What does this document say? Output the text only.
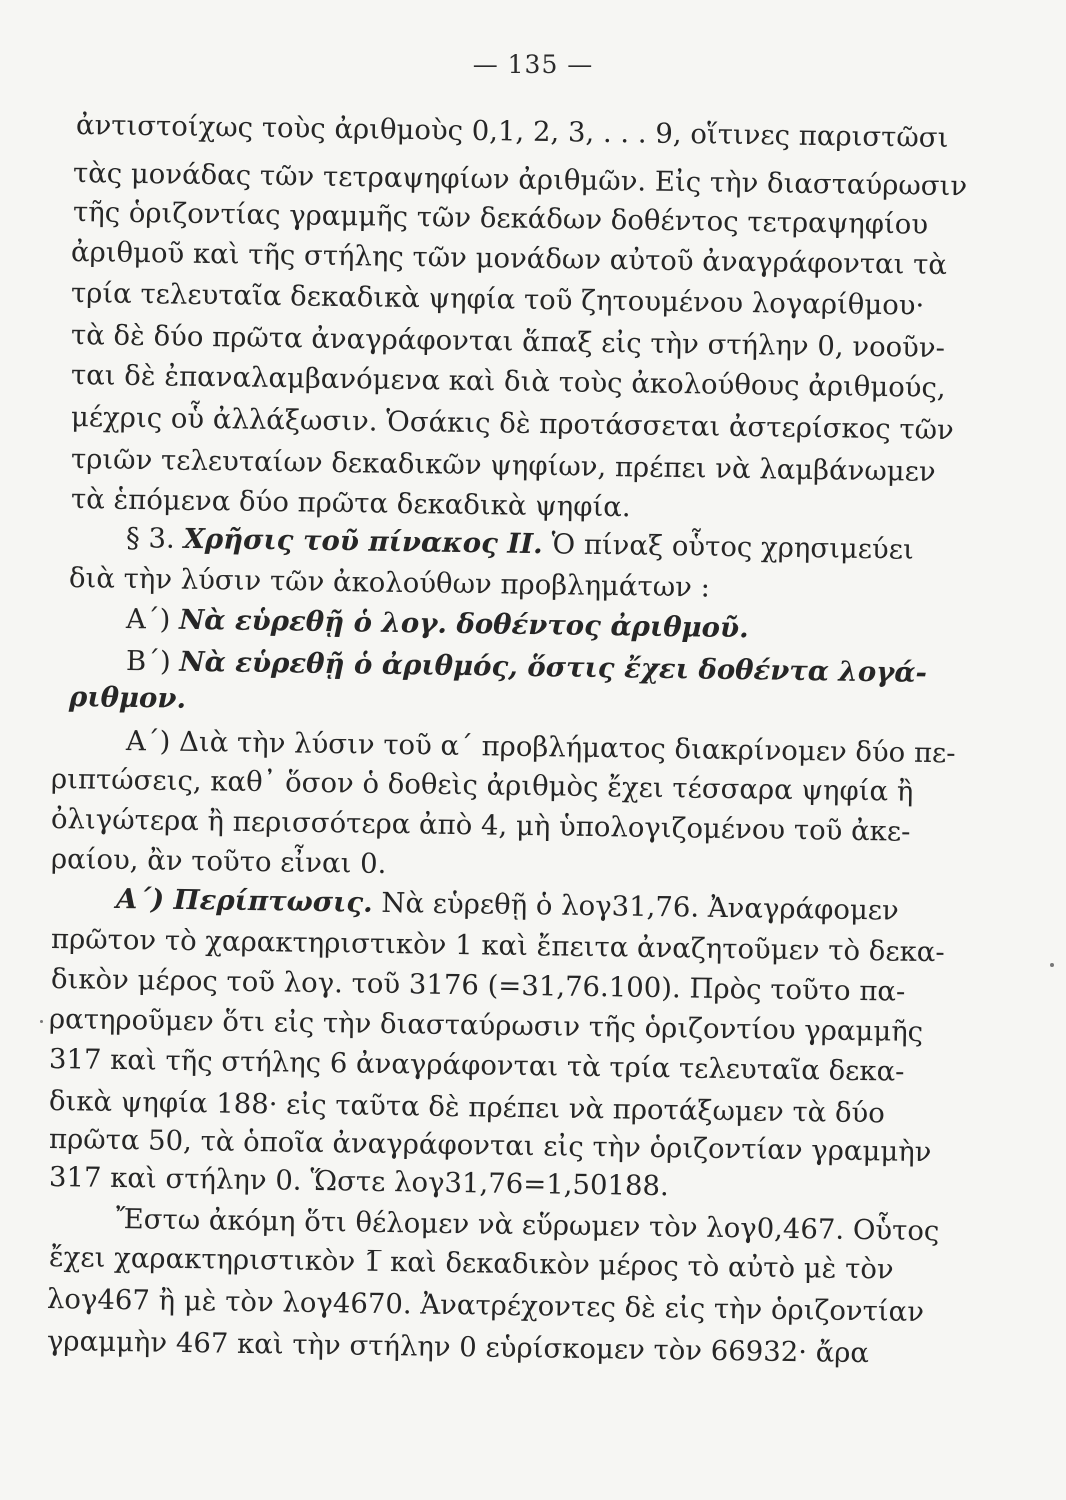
— 135 —
ἀντιστοίχως τοὺς ἀριθμοὺς 0,1, 2, 3, . . . 9, οἵτινες παριστῶσι
τὰς μονάδας τῶν τετραψηφίων ἀριθμῶν. Εἰς τὴν διασταύρωσιν
τῆς ὁριζοντίας γραμμῆς τῶν δεκάδων δοθέντος τετραψηφίου
ἀριθμοῦ καὶ τῆς στήλης τῶν μονάδων αὐτοῦ ἀναγράφονται τὰ
τρία τελευταῖα δεκαδικὰ ψηφία τοῦ ζητουμένου λογαρίθμου·
τὰ δὲ δύο πρῶτα ἀναγράφονται ἅπαξ εἰς τὴν στήλην 0, νοοῦν-
ται δὲ ἐπαναλαμβανόμενα καὶ διὰ τοὺς ἀκολούθους ἀριθμούς,
μέχρις οὗ ἀλλάξωσιν. Ὁσάκις δὲ προτάσσεται ἀστερίσκος τῶν
τριῶν τελευταίων δεκαδικῶν ψηφίων, πρέπει νὰ λαμβάνωμεν
τὰ ἑπόμενα δύο πρῶτα δεκαδικὰ ψηφία.
§ 3. Χρῆσις τοῦ πίνακος ΙΙ. Ὁ πίναξ οὗτος χρησιμεύει
διὰ τὴν λύσιν τῶν ἀκολούθων προβλημάτων :
Α΄) Νὰ εὑρεθῇ ὁ λογ. δοθέντος ἀριθμοῦ.
Β΄) Νὰ εὑρεθῇ ὁ ἀριθμός, ὅστις ἔχει δοθέντα λογά-
ριθμον.
Α΄) Διὰ τὴν λύσιν τοῦ α΄ προβλήματος διακρίνομεν δύο πε-
ριπτώσεις, καθ᾿ ὅσον ὁ δοθεὶς ἀριθμὸς ἔχει τέσσαρα ψηφία ἢ
ὀλιγώτερα ἢ περισσότερα ἀπὸ 4, μὴ ὑπολογιζομένου τοῦ ἀκε-
ραίου, ἂν τοῦτο εἶναι 0.
Α΄) Περίπτωσις. Νὰ εὑρεθῇ ὁ λογ31,76. Ἀναγράφομεν
πρῶτον τὸ χαρακτηριστικὸν 1 καὶ ἔπειτα ἀναζητοῦμεν τὸ δεκα-
δικὸν μέρος τοῦ λογ. τοῦ 3176 (=31,76.100). Πρὸς τοῦτο πα-
ρατηροῦμεν ὅτι εἰς τὴν διασταύρωσιν τῆς ὁριζοντίου γραμμῆς
317 καὶ τῆς στήλης 6 ἀναγράφονται τὰ τρία τελευταῖα δεκα-
δικὰ ψηφία 188· εἰς ταῦτα δὲ πρέπει νὰ προτάξωμεν τὰ δύο
πρῶτα 50, τὰ ὁποῖα ἀναγράφονται εἰς τὴν ὁριζοντίαν γραμμὴν
317 καὶ στήλην 0. Ὥστε λογ31,76=1,50188.
Ἔστω ἀκόμη ὅτι θέλομεν νὰ εὕρωμεν τὸν λογ0,467. Οὗτος
ἔχει χαρακτηριστικὸν 1̅ καὶ δεκαδικὸν μέρος τὸ αὐτὸ μὲ τὸν
λογ467 ἢ μὲ τὸν λογ4670. Ἀνατρέχοντες δὲ εἰς τὴν ὁριζοντίαν
γραμμὴν 467 καὶ τὴν στήλην 0 εὑρίσκομεν τὸν 66932· ἄρα
